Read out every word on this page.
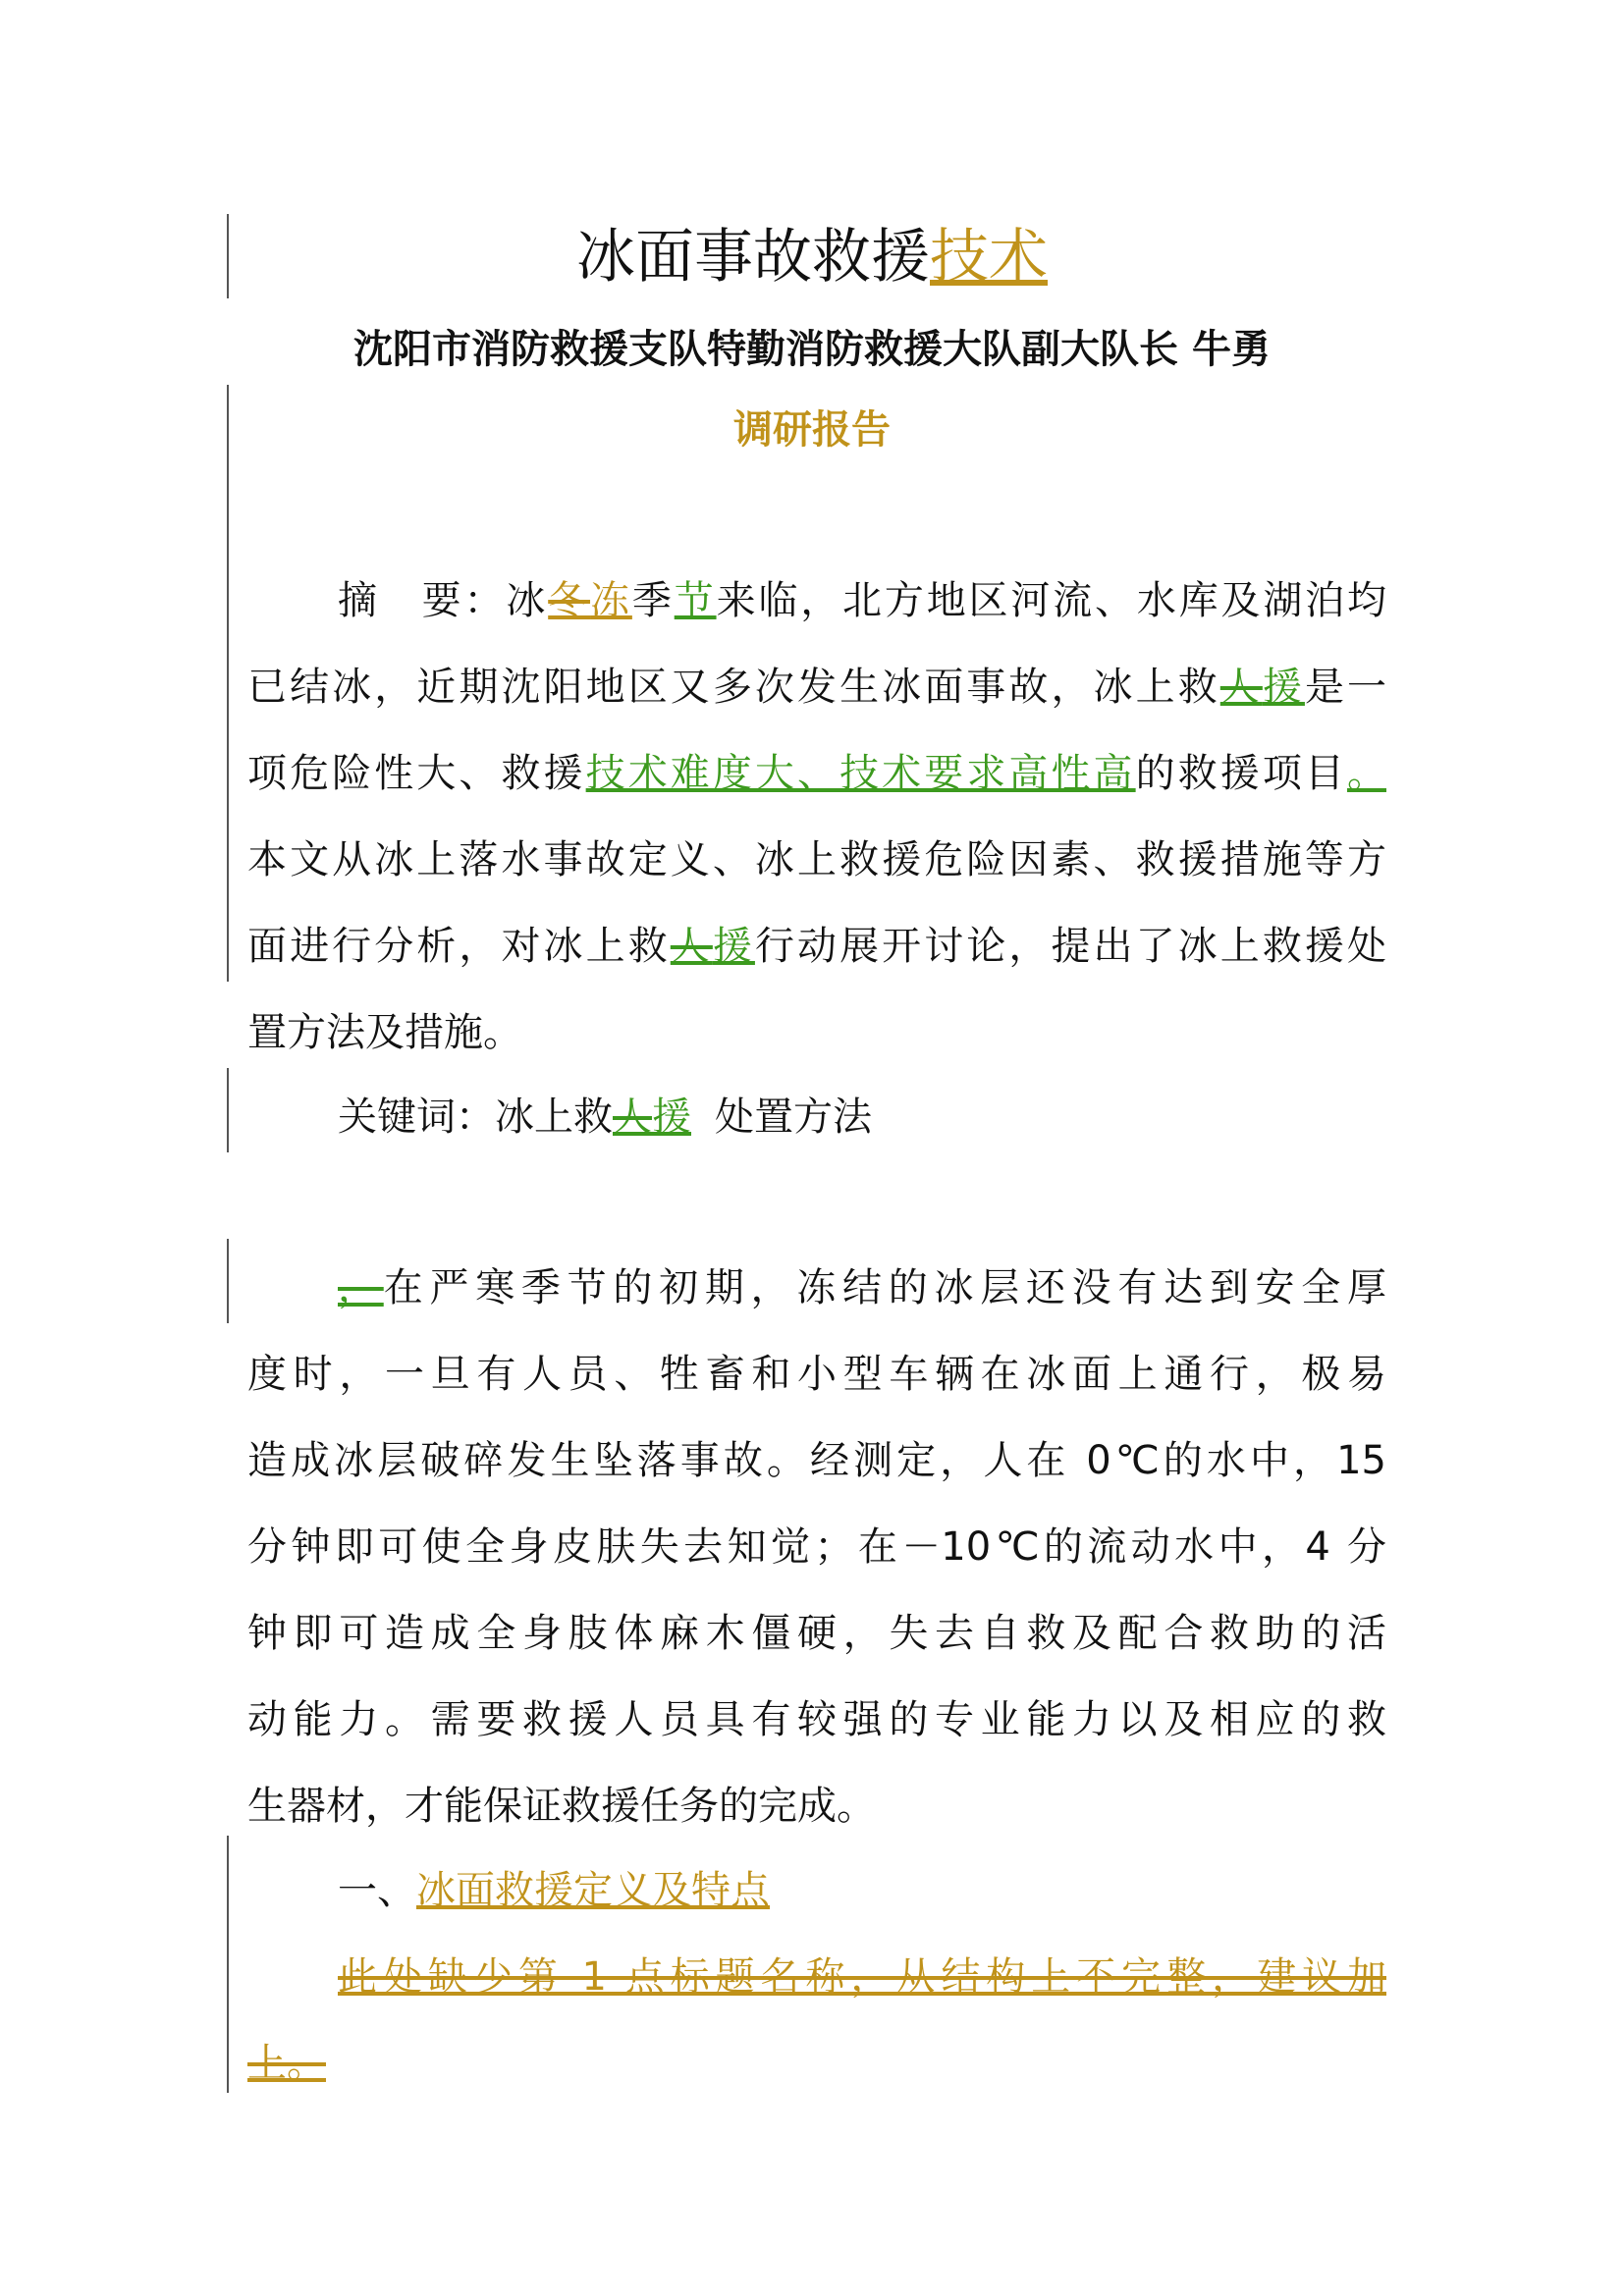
冰面事故救援技术
沈阳市消防救援支队特勤消防救援大队副大队长 牛勇
调研报告
摘 要：冰冬冻季节来临，北方地区河流、水库及湖泊均
已结冰，近期沈阳地区又多次发生冰面事故，冰上救人援是一
项危险性大、救援技术难度大、技术要求高性高的救援项目。
本文从冰上落水事故定义、冰上救援危险因素、救援措施等方
面进行分析，对冰上救人援行动展开讨论，提出了冰上救援处
置方法及措施。
关键词：冰上救人援 处置方法
，在严寒季节的初期，冻结的冰层还没有达到安全厚
度时，一旦有人员、牲畜和小型车辆在冰面上通行，极易
造成冰层破碎发生坠落事故。经测定，人在 0℃的水中，15
分钟即可使全身皮肤失去知觉；在－10℃的流动水中，4 分
钟即可造成全身肢体麻木僵硬，失去自救及配合救助的活
动能力。需要救援人员具有较强的专业能力以及相应的救
生器材，才能保证救援任务的完成。
一、冰面救援定义及特点
此处缺少第 1 点标题名称，从结构上不完整，建议加
上。
